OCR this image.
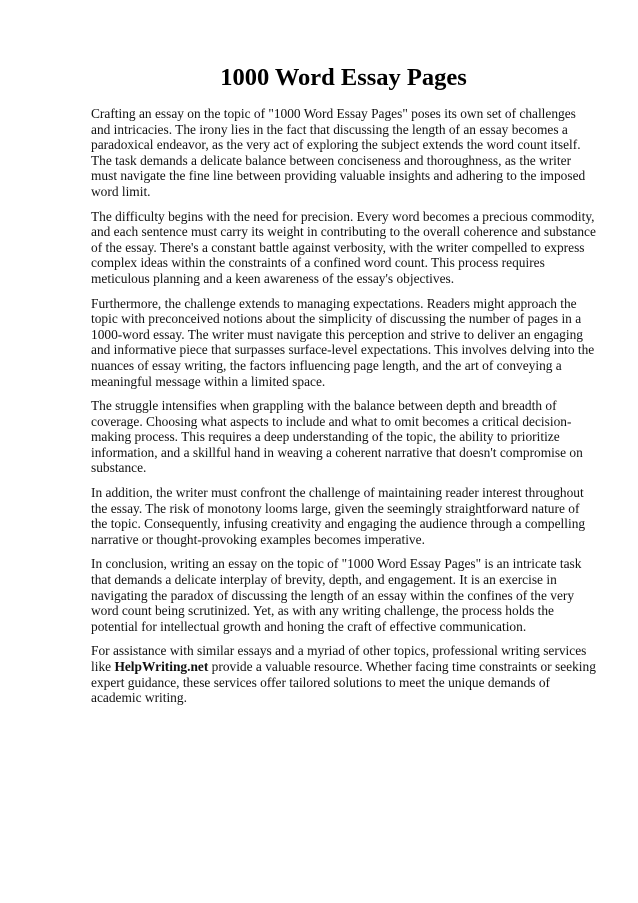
1000 Word Essay Pages

Crafting an essay on the topic of "1000 Word Essay Pages" poses its own set of challenges and intricacies. The irony lies in the fact that discussing the length of an essay becomes a paradoxical endeavor, as the very act of exploring the subject extends the word count itself. The task demands a delicate balance between conciseness and thoroughness, as the writer must navigate the fine line between providing valuable insights and adhering to the imposed word limit.

The difficulty begins with the need for precision. Every word becomes a precious commodity, and each sentence must carry its weight in contributing to the overall coherence and substance of the essay. There's a constant battle against verbosity, with the writer compelled to express complex ideas within the constraints of a confined word count. This process requires meticulous planning and a keen awareness of the essay's objectives.

Furthermore, the challenge extends to managing expectations. Readers might approach the topic with preconceived notions about the simplicity of discussing the number of pages in a 1000-word essay. The writer must navigate this perception and strive to deliver an engaging and informative piece that surpasses surface-level expectations. This involves delving into the nuances of essay writing, the factors influencing page length, and the art of conveying a meaningful message within a limited space.

The struggle intensifies when grappling with the balance between depth and breadth of coverage. Choosing what aspects to include and what to omit becomes a critical decision-making process. This requires a deep understanding of the topic, the ability to prioritize information, and a skillful hand in weaving a coherent narrative that doesn't compromise on substance.

In addition, the writer must confront the challenge of maintaining reader interest throughout the essay. The risk of monotony looms large, given the seemingly straightforward nature of the topic. Consequently, infusing creativity and engaging the audience through a compelling narrative or thought-provoking examples becomes imperative.

In conclusion, writing an essay on the topic of "1000 Word Essay Pages" is an intricate task that demands a delicate interplay of brevity, depth, and engagement. It is an exercise in navigating the paradox of discussing the length of an essay within the confines of the very word count being scrutinized. Yet, as with any writing challenge, the process holds the potential for intellectual growth and honing the craft of effective communication.

For assistance with similar essays and a myriad of other topics, professional writing services like HelpWriting.net provide a valuable resource. Whether facing time constraints or seeking expert guidance, these services offer tailored solutions to meet the unique demands of academic writing.
